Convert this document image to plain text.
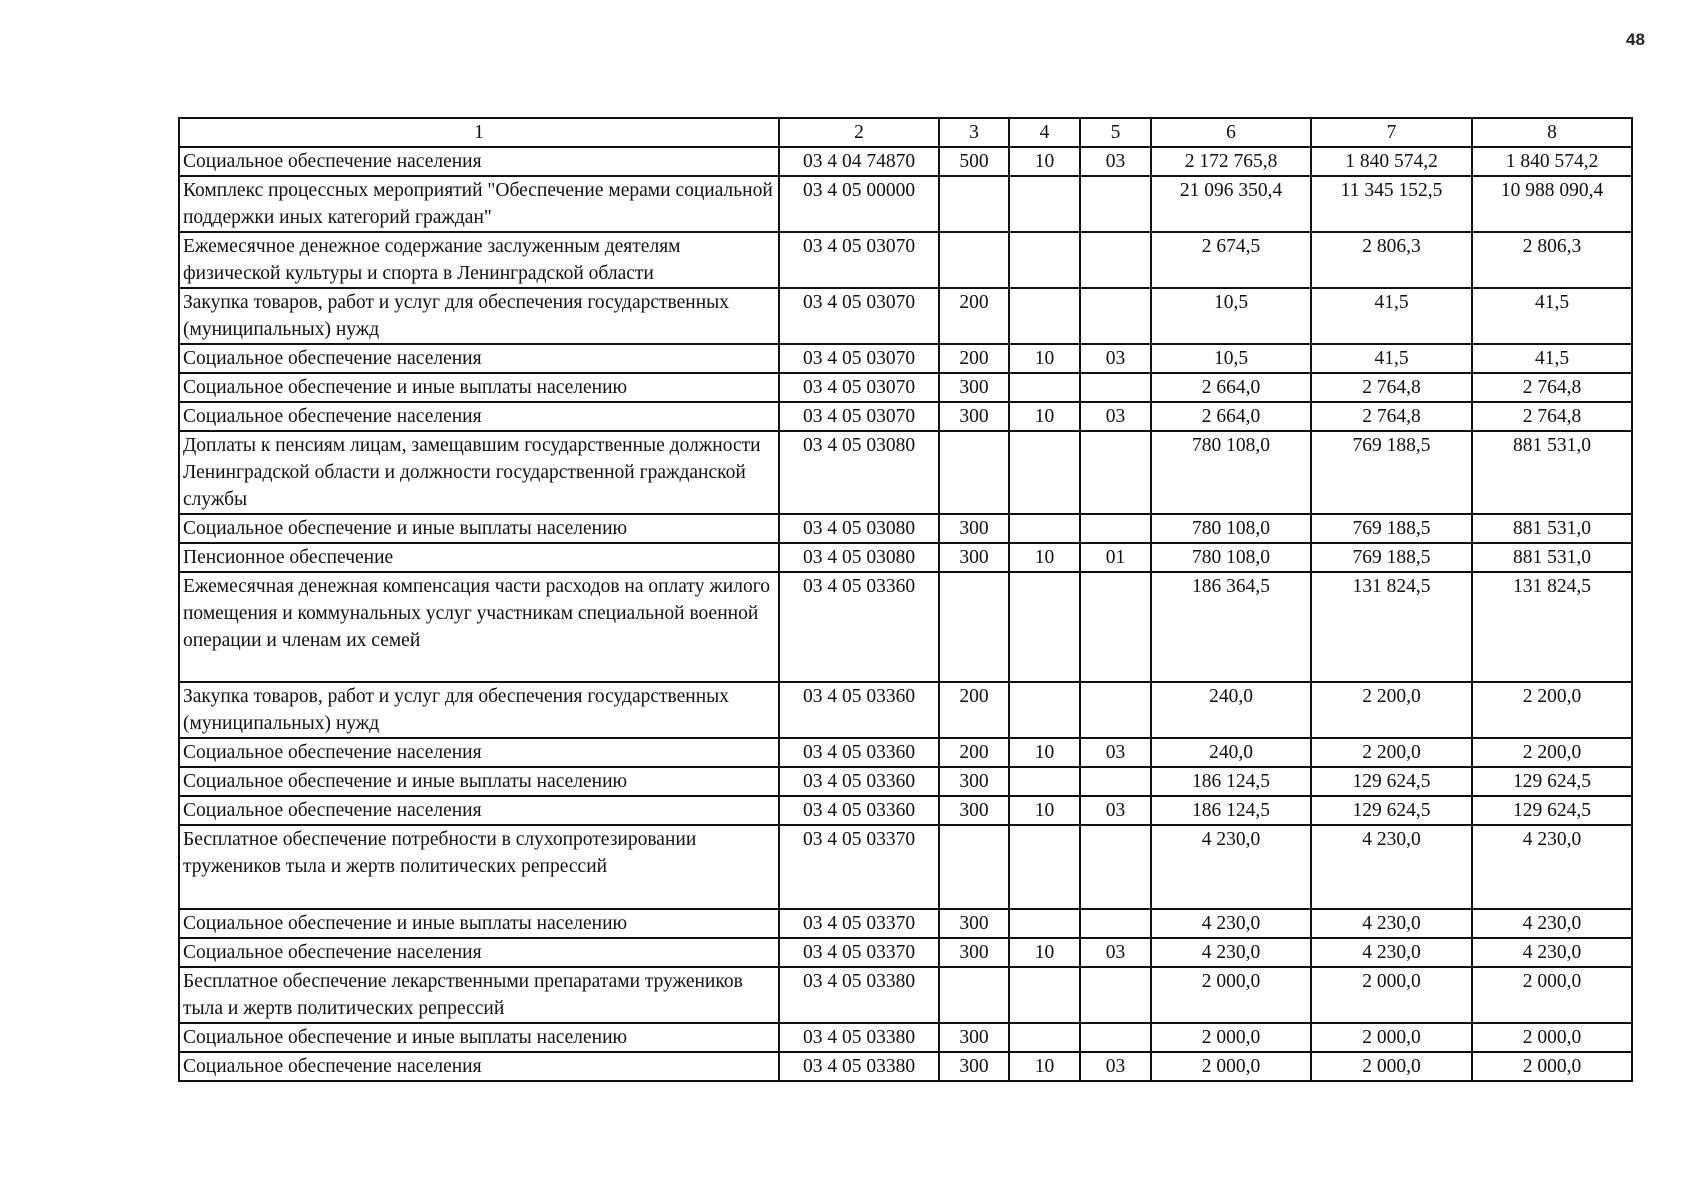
48
1	2	3	4	5	6	7	8
Социальное обеспечение населения	03 4 04 74870	500	10	03	2 172 765,8	1 840 574,2	1 840 574,2
Комплекс процессных мероприятий "Обеспечение мерами социальной поддержки иных категорий граждан"	03 4 05 00000				21 096 350,4	11 345 152,5	10 988 090,4
Ежемесячное денежное содержание заслуженным деятелям физической культуры и спорта в Ленинградской области	03 4 05 03070				2 674,5	2 806,3	2 806,3
Закупка товаров, работ и услуг для обеспечения государственных (муниципальных) нужд	03 4 05 03070	200			10,5	41,5	41,5
Социальное обеспечение населения	03 4 05 03070	200	10	03	10,5	41,5	41,5
Социальное обеспечение и иные выплаты населению	03 4 05 03070	300			2 664,0	2 764,8	2 764,8
Социальное обеспечение населения	03 4 05 03070	300	10	03	2 664,0	2 764,8	2 764,8
Доплаты к пенсиям лицам, замещавшим государственные должности Ленинградской области и должности государственной гражданской службы	03 4 05 03080				780 108,0	769 188,5	881 531,0
Социальное обеспечение и иные выплаты населению	03 4 05 03080	300			780 108,0	769 188,5	881 531,0
Пенсионное обеспечение	03 4 05 03080	300	10	01	780 108,0	769 188,5	881 531,0
Ежемесячная денежная компенсация части расходов на оплату жилого помещения и коммунальных услуг участникам специальной военной операции и членам их семей	03 4 05 03360				186 364,5	131 824,5	131 824,5
Закупка товаров, работ и услуг для обеспечения государственных (муниципальных) нужд	03 4 05 03360	200			240,0	2 200,0	2 200,0
Социальное обеспечение населения	03 4 05 03360	200	10	03	240,0	2 200,0	2 200,0
Социальное обеспечение и иные выплаты населению	03 4 05 03360	300			186 124,5	129 624,5	129 624,5
Социальное обеспечение населения	03 4 05 03360	300	10	03	186 124,5	129 624,5	129 624,5
Бесплатное обеспечение потребности в слухопротезировании тружеников тыла и жертв политических репрессий	03 4 05 03370				4 230,0	4 230,0	4 230,0
Социальное обеспечение и иные выплаты населению	03 4 05 03370	300			4 230,0	4 230,0	4 230,0
Социальное обеспечение населения	03 4 05 03370	300	10	03	4 230,0	4 230,0	4 230,0
Бесплатное обеспечение лекарственными препаратами тружеников тыла и жертв политических репрессий	03 4 05 03380				2 000,0	2 000,0	2 000,0
Социальное обеспечение и иные выплаты населению	03 4 05 03380	300			2 000,0	2 000,0	2 000,0
Социальное обеспечение населения	03 4 05 03380	300	10	03	2 000,0	2 000,0	2 000,0
